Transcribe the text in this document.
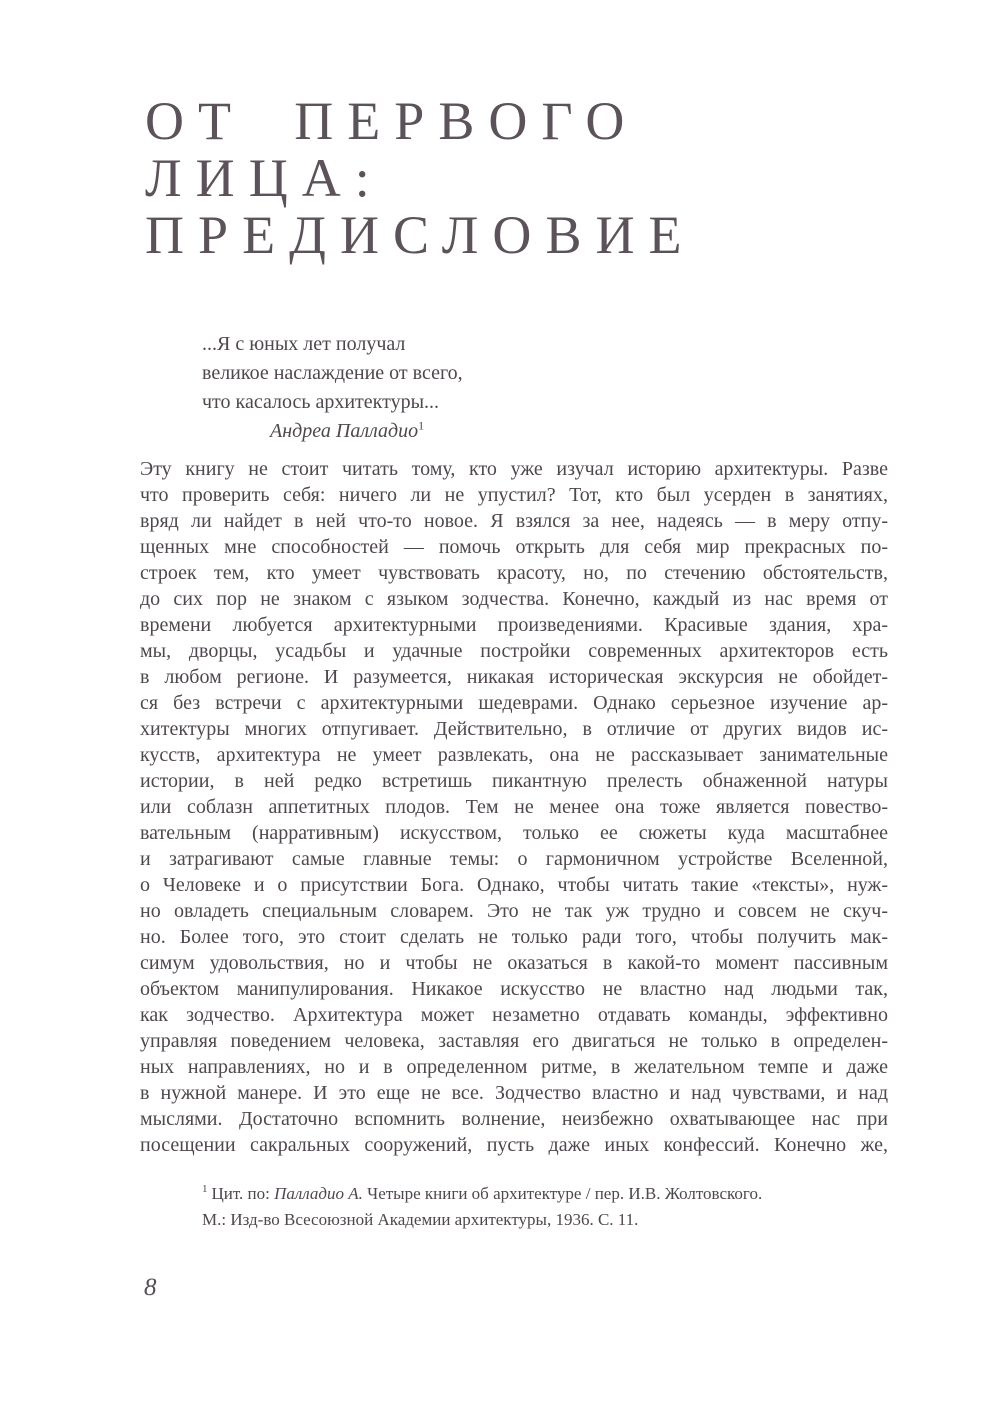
ОТ ПЕРВОГО
ЛИЦА:
ПРЕДИСЛОВИЕ
...Я с юных лет получал
великое наслаждение от всего,
что касалось архитектуры...
Андреа Палладио$^1$
Эту книгу не стоит читать тому, кто уже изучал историю архитектуры. Разве
что проверить себя: ничего ли не упустил? Тот, кто был усерден в занятиях,
вряд ли найдет в ней что-то новое. Я взялся за нее, надеясь — в меру отпу-
щенных мне способностей — помочь открыть для себя мир прекрасных по-
строек тем, кто умеет чувствовать красоту, но, по стечению обстоятельств,
до сих пор не знаком с языком зодчества. Конечно, каждый из нас время от
времени любуется архитектурными произведениями. Красивые здания, хра-
мы, дворцы, усадьбы и удачные постройки современных архитекторов есть
в любом регионе. И разумеется, никакая историческая экскурсия не обойдет-
ся без встречи с архитектурными шедеврами. Однако серьезное изучение ар-
хитектуры многих отпугивает. Действительно, в отличие от других видов ис-
кусств, архитектура не умеет развлекать, она не рассказывает занимательные
истории, в ней редко встретишь пикантную прелесть обнаженной натуры
или соблазн аппетитных плодов. Тем не менее она тоже является повество-
вательным (нарративным) искусством, только ее сюжеты куда масштабнее
и затрагивают самые главные темы: о гармоничном устройстве Вселенной,
о Человеке и о присутствии Бога. Однако, чтобы читать такие «тексты», нуж-
но овладеть специальным словарем. Это не так уж трудно и совсем не скуч-
но. Более того, это стоит сделать не только ради того, чтобы получить мак-
симум удовольствия, но и чтобы не оказаться в какой-то момент пассивным
объектом манипулирования. Никакое искусство не властно над людьми так,
как зодчество. Архитектура может незаметно отдавать команды, эффективно
управляя поведением человека, заставляя его двигаться не только в определен-
ных направлениях, но и в определенном ритме, в желательном темпе и даже
в нужной манере. И это еще не все. Зодчество властно и над чувствами, и над
мыслями. Достаточно вспомнить волнение, неизбежно охватывающее нас при
посещении сакральных сооружений, пусть даже иных конфессий. Конечно же,
$^1$ Цит. по: Палладио А. Четыре книги об архитектуре / пер. И.В. Жолтовского.
М.: Изд-во Всесоюзной Академии архитектуры, 1936. С. 11.
8
